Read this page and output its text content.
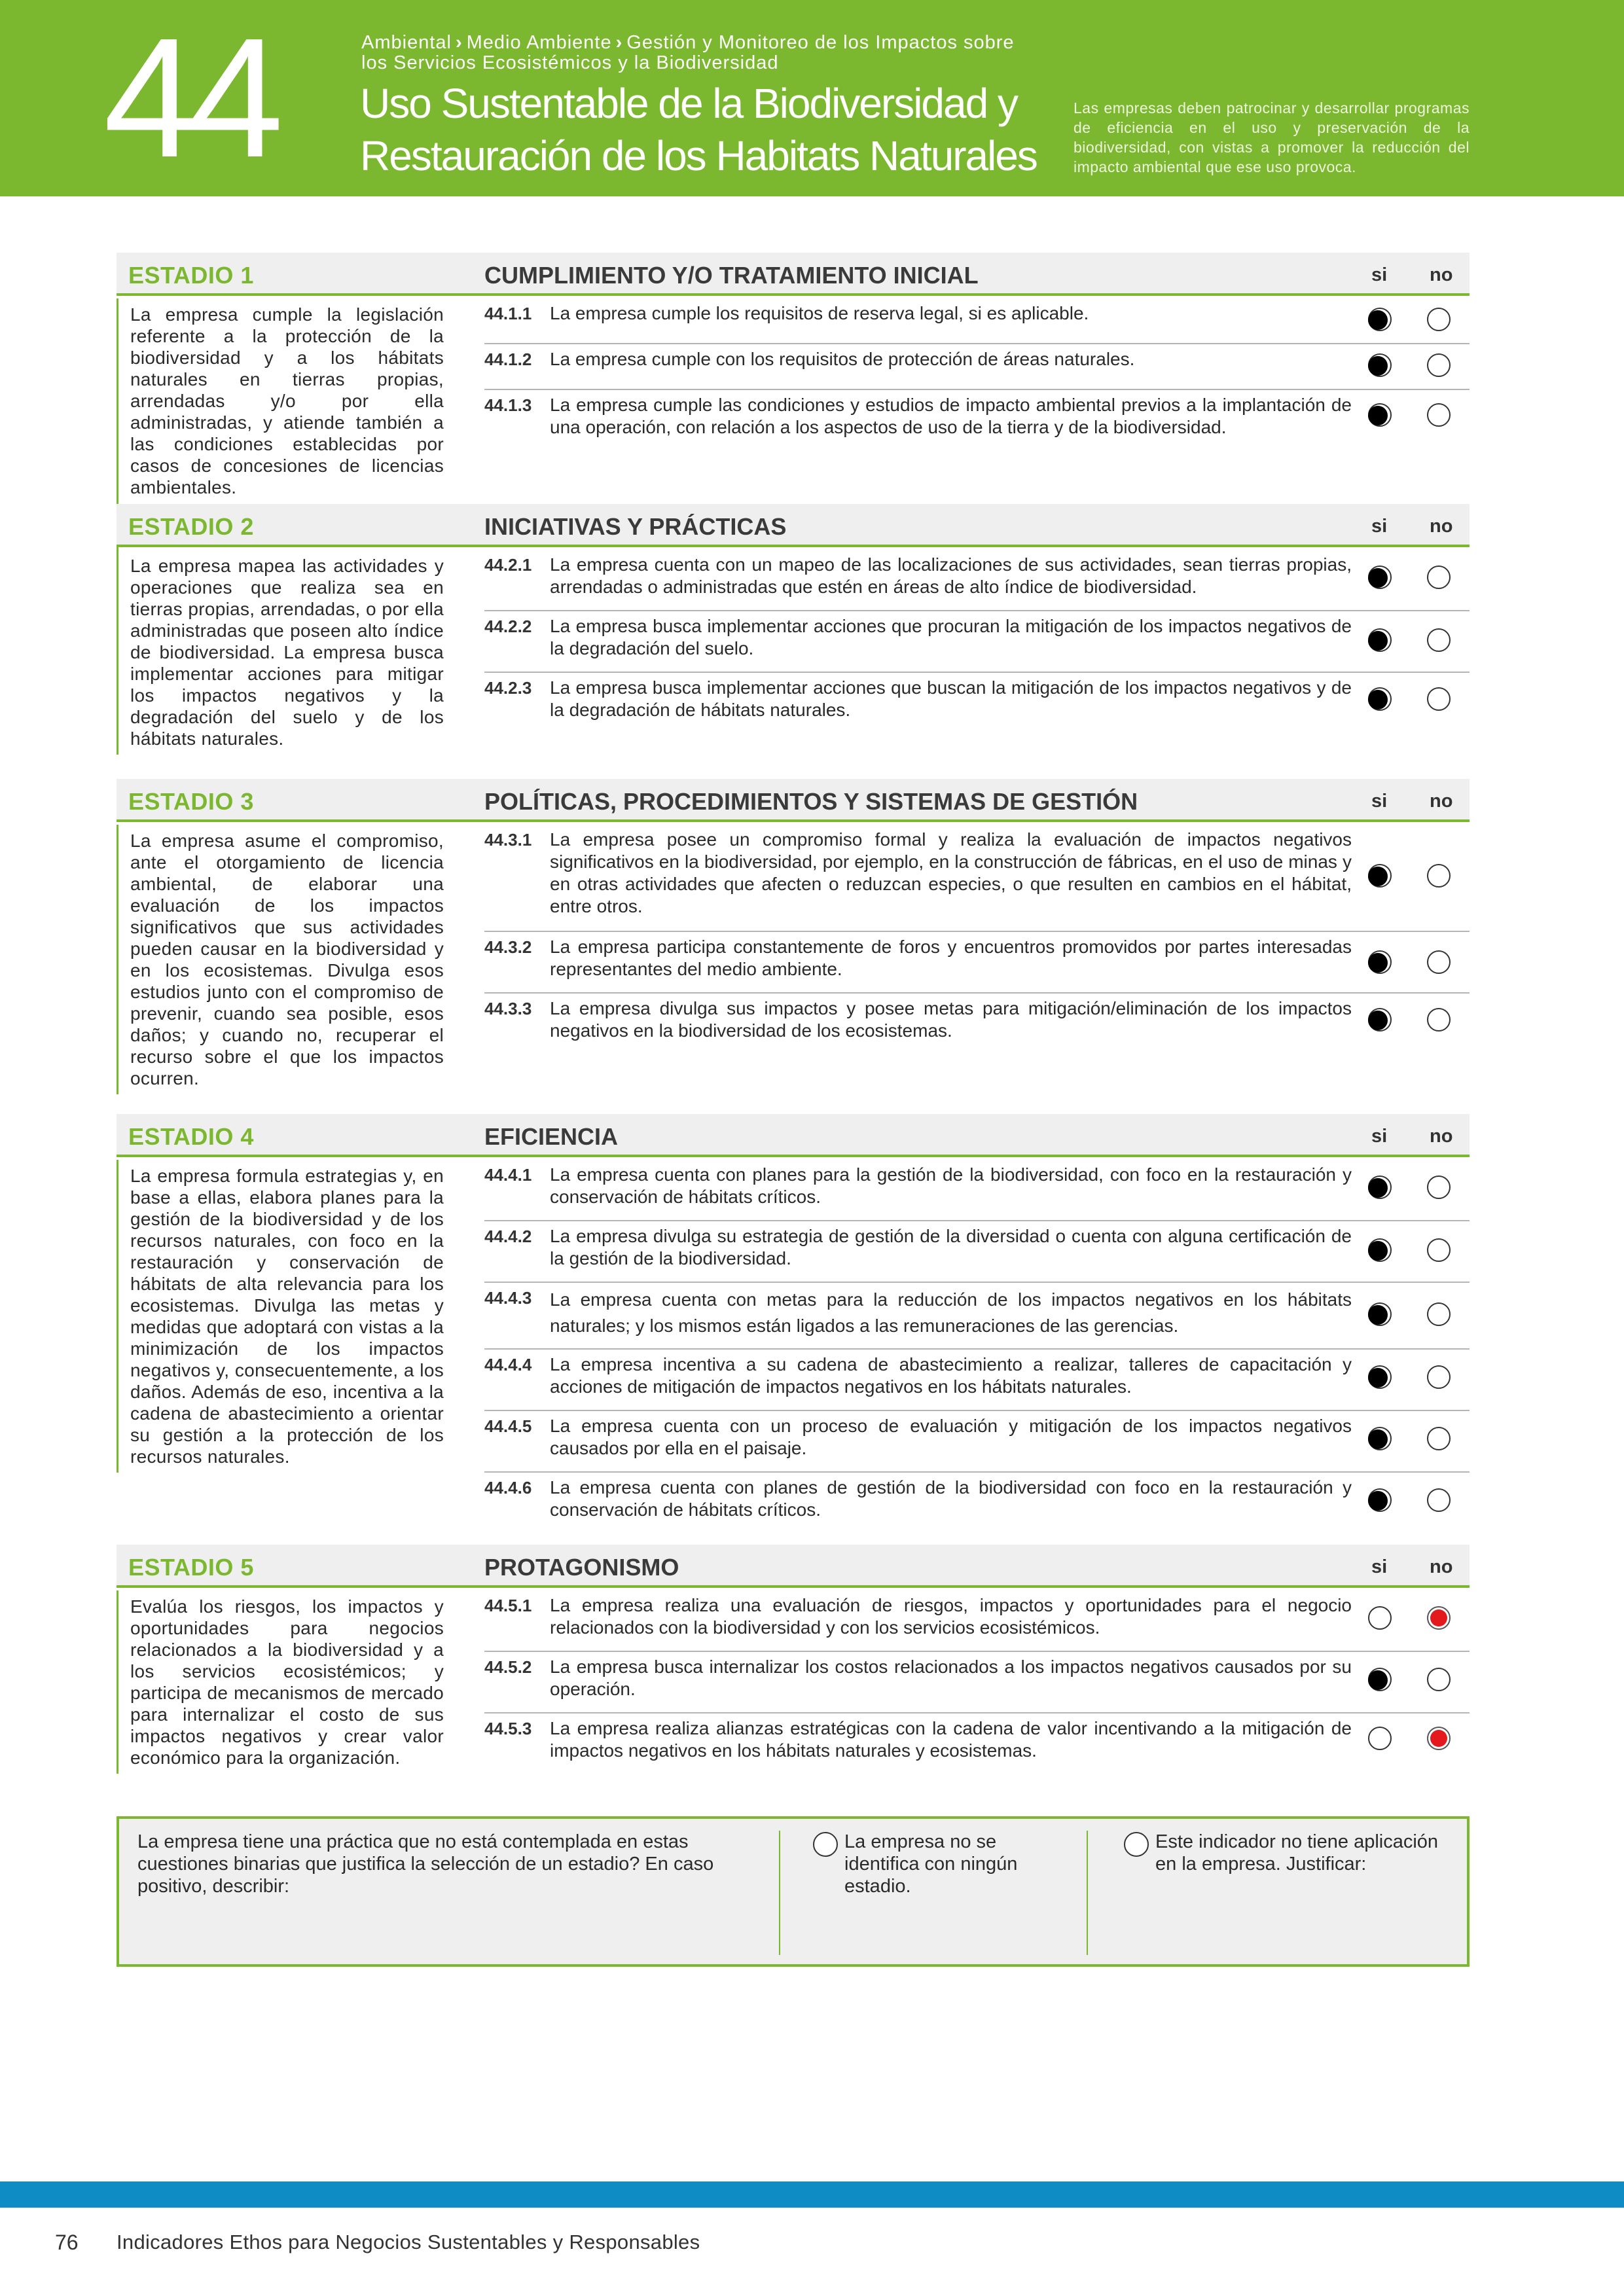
44	Ambiental › Medio Ambiente › Gestión y Monitoreo de los Impactos sobre los Servicios Ecosistémicos y la Biodiversidad
Uso Sustentable de la Biodiversidad y
Restauración de los Habitats Naturales
Las empresas deben patrocinar y desarrollar programas de eficiencia en el uso y preservación de la biodiversidad, con vistas a promover la reducción del impacto ambiental que ese uso provoca.
ESTADIO 1	CUMPLIMIENTO Y/O TRATAMIENTO INICIAL	si no
La empresa cumple la legislación referente a la protección de la biodiversidad y a los hábitats naturales en tierras propias, arrendadas y/o por ella administradas, y atiende también a las condiciones establecidas por casos de concesiones de licencias ambientales.
44.1.1 La empresa cumple los requisitos de reserva legal, si es aplicable.
44.1.2 La empresa cumple con los requisitos de protección de áreas naturales.
44.1.3 La empresa cumple las condiciones y estudios de impacto ambiental previos a la implantación de una operación, con relación a los aspectos de uso de la tierra y de la biodiversidad.
ESTADIO 2	INICIATIVAS Y PRÁCTICAS	si no
La empresa mapea las actividades y operaciones que realiza sea en tierras propias, arrendadas, o por ella administradas que poseen alto índice de biodiversidad. La empresa busca implementar acciones para mitigar los impactos negativos y la degradación del suelo y de los hábitats naturales.
44.2.1 La empresa cuenta con un mapeo de las localizaciones de sus actividades, sean tierras propias, arrendadas o administradas que estén en áreas de alto índice de biodiversidad.
44.2.2 La empresa busca implementar acciones que procuran la mitigación de los impactos negativos de la degradación del suelo.
44.2.3 La empresa busca implementar acciones que buscan la mitigación de los impactos negativos y de la degradación de hábitats naturales.
ESTADIO 3	POLÍTICAS, PROCEDIMIENTOS Y SISTEMAS DE GESTIÓN	si no
La empresa asume el compromiso, ante el otorgamiento de licencia ambiental, de elaborar una evaluación de los impactos significativos que sus actividades pueden causar en la biodiversidad y en los ecosistemas. Divulga esos estudios junto con el compromiso de prevenir, cuando sea posible, esos daños; y cuando no, recuperar el recurso sobre el que los impactos ocurren.
44.3.1 La empresa posee un compromiso formal y realiza la evaluación de impactos negativos significativos en la biodiversidad, por ejemplo, en la construcción de fábricas, en el uso de minas y en otras actividades que afecten o reduzcan especies, o que resulten en cambios en el hábitat, entre otros.
44.3.2 La empresa participa constantemente de foros y encuentros promovidos por partes interesadas representantes del medio ambiente.
44.3.3 La empresa divulga sus impactos y posee metas para mitigación/eliminación de los impactos negativos en la biodiversidad de los ecosistemas.
ESTADIO 4	EFICIENCIA	si no
La empresa formula estrategias y, en base a ellas, elabora planes para la gestión de la biodiversidad y de los recursos naturales, con foco en la restauración y conservación de hábitats de alta relevancia para los ecosistemas. Divulga las metas y medidas que adoptará con vistas a la minimización de los impactos negativos y, consecuentemente, a los daños. Además de eso, incentiva a la cadena de abastecimiento a orientar su gestión a la protección de los recursos naturales.
44.4.1 La empresa cuenta con planes para la gestión de la biodiversidad, con foco en la restauración y conservación de hábitats críticos.
44.4.2 La empresa divulga su estrategia de gestión de la diversidad o cuenta con alguna certificación de la gestión de la biodiversidad.
44.4.3 La empresa cuenta con metas para la reducción de los impactos negativos en los hábitats naturales; y los mismos están ligados a las remuneraciones de las gerencias.
44.4.4 La empresa incentiva a su cadena de abastecimiento a realizar, talleres de capacitación y acciones de mitigación de impactos negativos en los hábitats naturales.
44.4.5 La empresa cuenta con un proceso de evaluación y mitigación de los impactos negativos causados por ella en el paisaje.
44.4.6 La empresa cuenta con planes de gestión de la biodiversidad con foco en la restauración y conservación de hábitats críticos.
ESTADIO 5	PROTAGONISMO	si no
Evalúa los riesgos, los impactos y oportunidades para negocios relacionados a la biodiversidad y a los servicios ecosistémicos; y participa de mecanismos de mercado para internalizar el costo de sus impactos negativos y crear valor económico para la organización.
44.5.1 La empresa realiza una evaluación de riesgos, impactos y oportunidades para el negocio relacionados con la biodiversidad y con los servicios ecosistémicos.
44.5.2 La empresa busca internalizar los costos relacionados a los impactos negativos causados por su operación.
44.5.3 La empresa realiza alianzas estratégicas con la cadena de valor incentivando a la mitigación de impactos negativos en los hábitats naturales y ecosistemas.
La empresa tiene una práctica que no está contemplada en estas cuestiones binarias que justifica la selección de un estadio? En caso positivo, describir:
La empresa no se identifica con ningún estadio.
Este indicador no tiene aplicación en la empresa. Justificar:
76 Indicadores Ethos para Negocios Sustentables y Responsables
